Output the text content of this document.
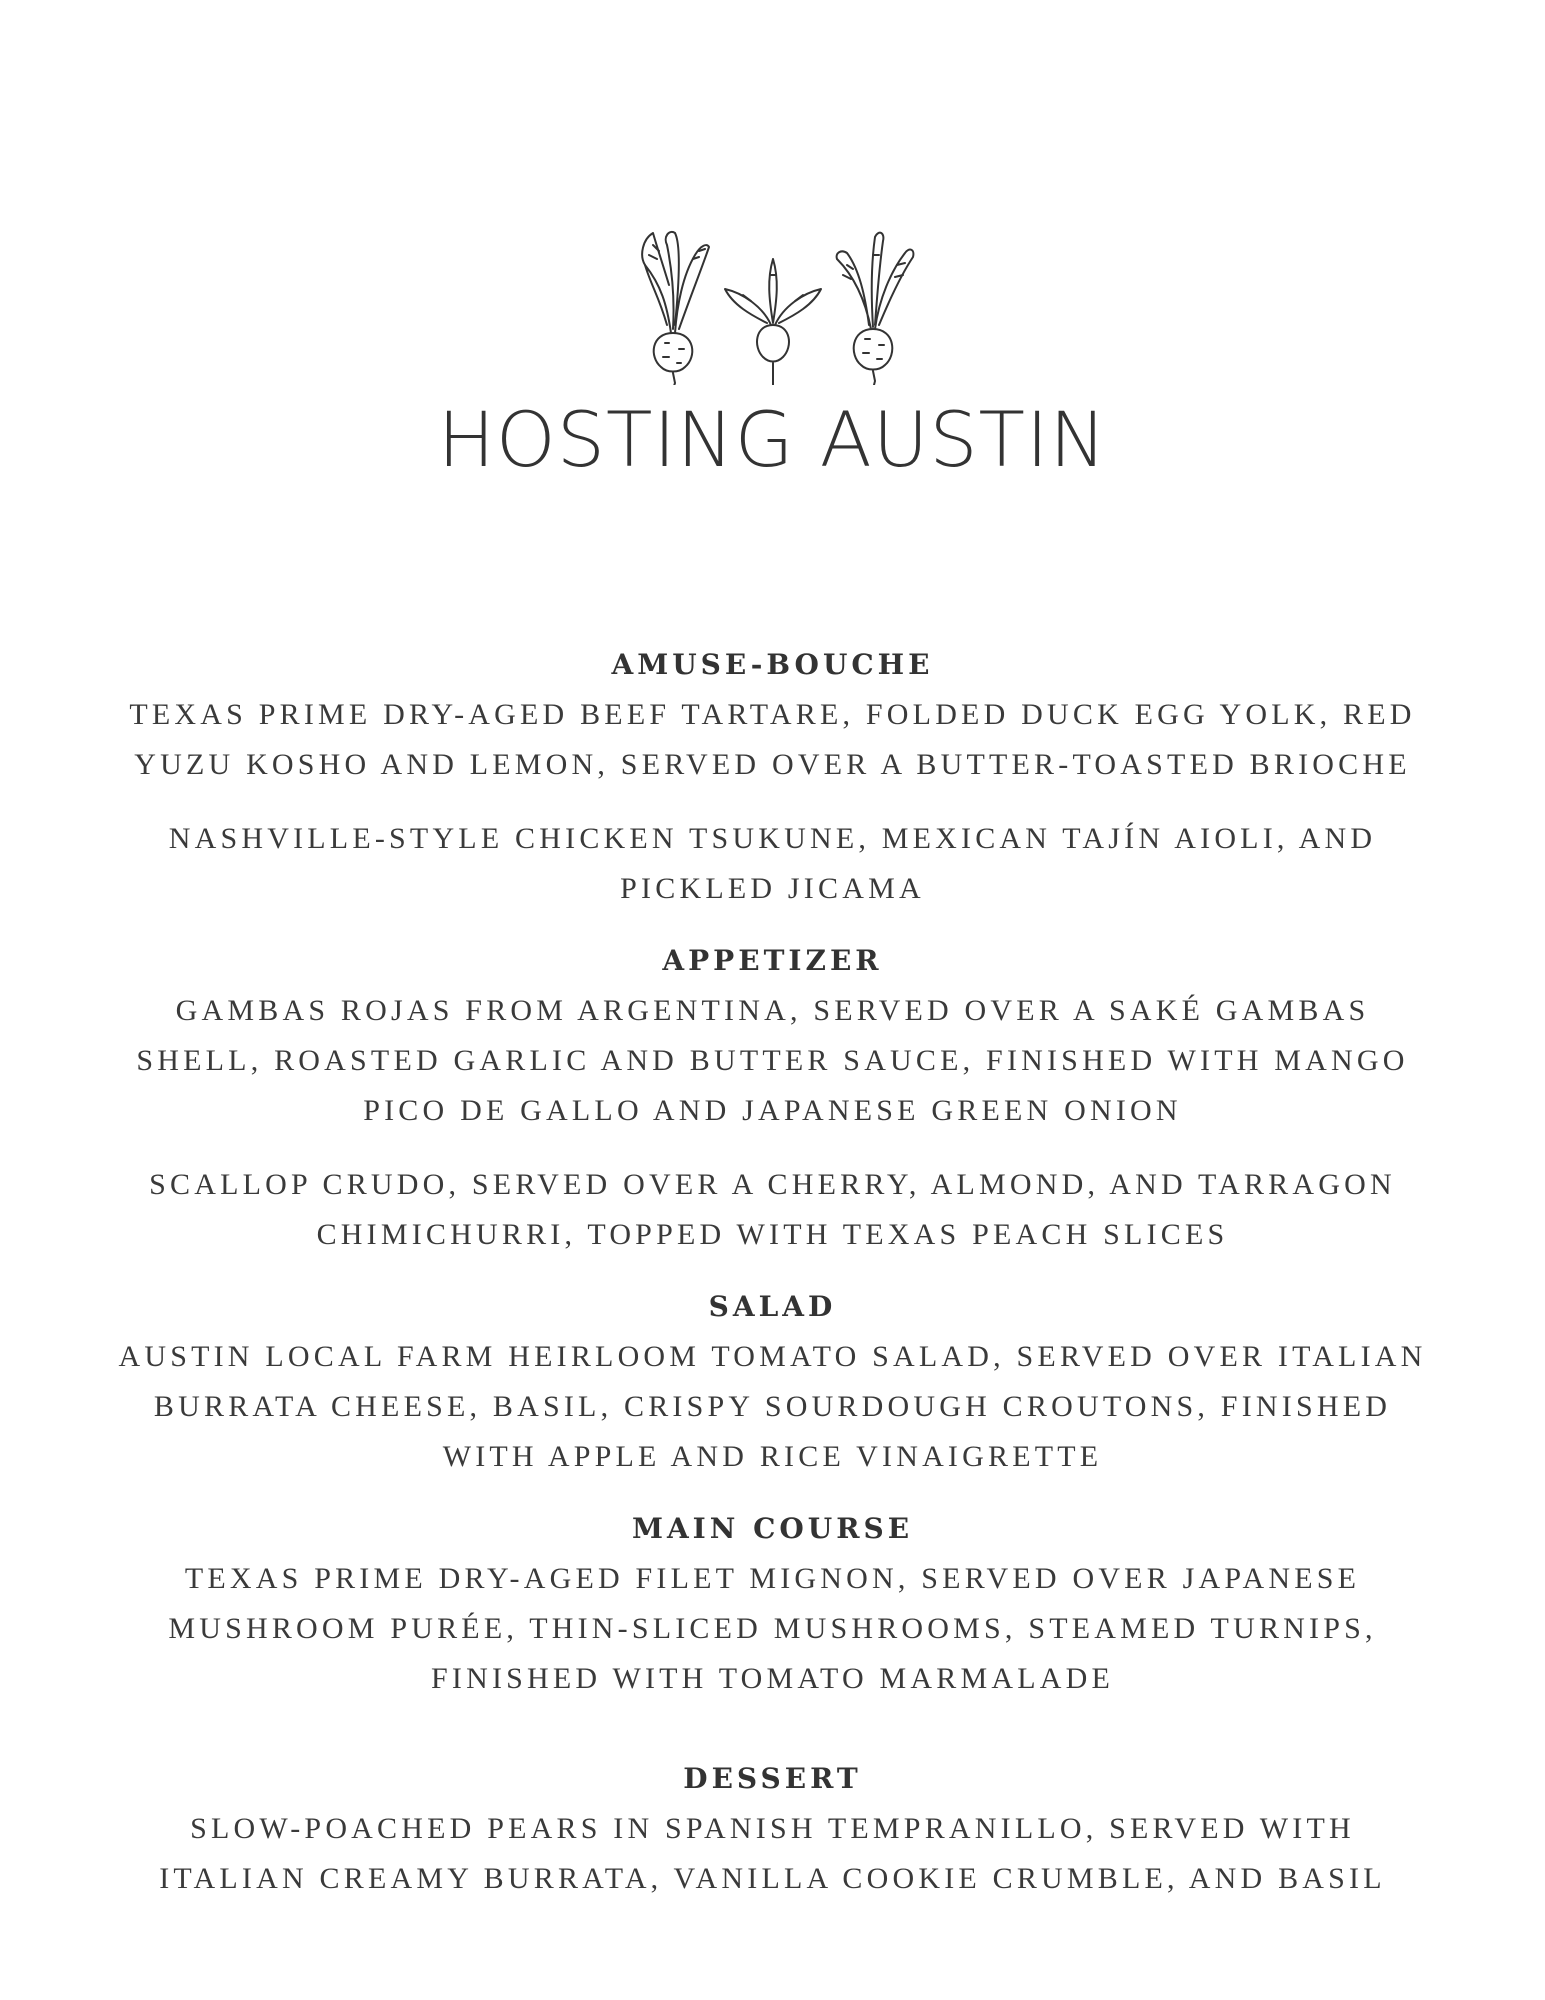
HOSTING AUSTIN

AMUSE-BOUCHE

TEXAS PRIME DRY-AGED BEEF TARTARE, FOLDED DUCK EGG YOLK, RED YUZU KOSHO AND LEMON, SERVED OVER A BUTTER-TOASTED BRIOCHE

NASHVILLE-STYLE CHICKEN TSUKUNE, MEXICAN TAJÍN AIOLI, AND PICKLED JICAMA

APPETIZER

GAMBAS ROJAS FROM ARGENTINA, SERVED OVER A SAKÉ GAMBAS SHELL, ROASTED GARLIC AND BUTTER SAUCE, FINISHED WITH MANGO PICO DE GALLO AND JAPANESE GREEN ONION

SCALLOP CRUDO, SERVED OVER A CHERRY, ALMOND, AND TARRAGON CHIMICHURRI, TOPPED WITH TEXAS PEACH SLICES

SALAD

AUSTIN LOCAL FARM HEIRLOOM TOMATO SALAD, SERVED OVER ITALIAN BURRATA CHEESE, BASIL, CRISPY SOURDOUGH CROUTONS, FINISHED WITH APPLE AND RICE VINAIGRETTE

MAIN COURSE

TEXAS PRIME DRY-AGED FILET MIGNON, SERVED OVER JAPANESE MUSHROOM PURÉE, THIN-SLICED MUSHROOMS, STEAMED TURNIPS, FINISHED WITH TOMATO MARMALADE

DESSERT

SLOW-POACHED PEARS IN SPANISH TEMPRANILLO, SERVED WITH ITALIAN CREAMY BURRATA, VANILLA COOKIE CRUMBLE, AND BASIL
